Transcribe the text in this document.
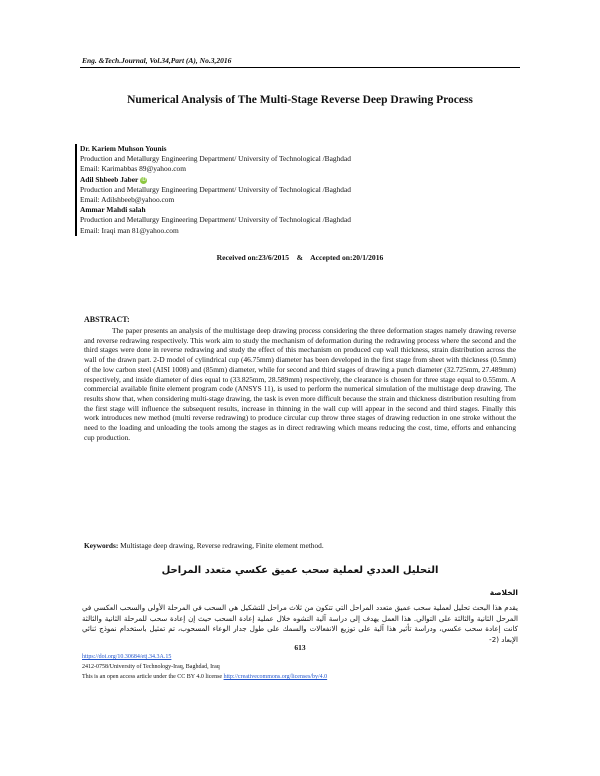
Eng. &Tech.Journal, Vol.34,Part (A), No.3,2016
Numerical Analysis of The Multi-Stage Reverse Deep Drawing Process
Dr. Kariem Muhson Younis
Production and Metallurgy Engineering Department/ University of Technological /Baghdad
Email: Karimabbas 89@yahoo.com
Adil Shbeeb Jaber iD
Production and Metallurgy Engineering Department/ University of Technological /Baghdad
Email: Adilshbeeb@yahoo.com
Ammar Mahdi salah
Production and Metallurgy Engineering Department/ University of Technological /Baghdad
Email: Iraqi man 81@yahoo.com
Received on:23/6/2015 & Accepted on:20/1/2016
ABSTRACT:

The paper presents an analysis of the multistage deep drawing process considering the three deformation stages namely drawing reverse and reverse redrawing respectively. This work aim to study the mechanism of deformation during the redrawing process where the second and the third stages were done in reverse redrawing and study the effect of this mechanism on produced cup wall thickness, strain distribution across the wall of the drawn part. 2-D model of cylindrical cup (46.75mm) diameter has been developed in the first stage from sheet with thickness (0.5mm) of the low carbon steel (AISI 1008) and (85mm) diameter, while for second and third stages of drawing a punch diameter (32.725mm, 27.489mm) respectively, and inside diameter of dies equal to (33.825mm, 28.589mm) respectively, the clearance is chosen for three stage equal to 0.55mm. A commercial available finite element program code (ANSYS 11), is used to perform the numerical simulation of the multistage deep drawing. The results show that, when considering multi-stage drawing, the task is even more difficult because the strain and thickness distribution resulting from the first stage will influence the subsequent results, increase in thinning in the wall cup will appear in the second and third stages. Finally this work introduces new method (multi reverse redrawing) to produce circular cup throw three stages of drawing reduction in one stroke without the need to the loading and unloading the tools among the stages as in direct redrawing which means reducing the cost, time, efforts and enhancing cup production.

Keywords: Multistage deep drawing, Reverse redrawing, Finite element method.
التحليل العددي لعملية سحب عميق عكسي متعدد المراحل
الخلاصة
يقدم هذا البحث تحليل لعملية سحب عميق متعدد المراحل التي تتكون من ثلاث مراحل للتشكيل هي السحب في المرحلة الأولى والسحب العكسي في المرحل الثانية والثالثة على التوالي. هذا العمل يهدف إلى دراسة آلية التشوه خلال عملية إعادة السحب حيث إن إعادة سحب للمرحلة الثانية والثالثة كانت إعادة سحب عكسي، ودراسة تأثير هذا آلية على توزيع الانفعالات والسمك على طول جدار الوعاء المسحوب، تم تمثيل باستخدام نموذج ثنائي الإبعاد (2-
613
https://doi.org/10.30684/etj.34.3A.15
2412-0758/University of Technology-Iraq, Baghdad, Iraq
This is an open access article under the CC BY 4.0 license http://creativecommons.org/licenses/by/4.0
